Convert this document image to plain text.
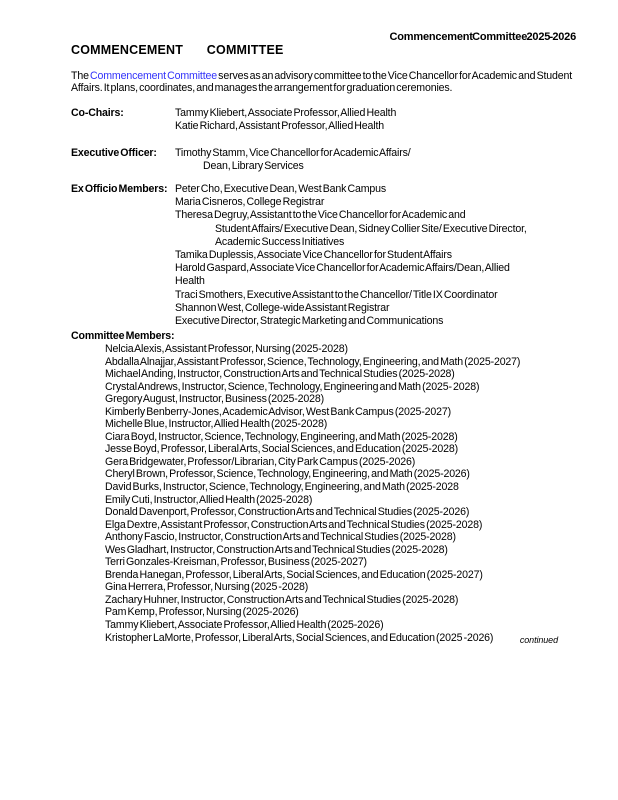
Commencement Committee 2025 - 2026
COMMENCEMENT COMMITTEE

The Commencement Committee serves as an advisory committee to the Vice Chancellor for Academic and Student Affairs. It plans, coordinates, and manages the arrangement for graduation ceremonies.

Co-Chairs:	Tammy Kliebert, Associate Professor, Allied Health
Katie Richard, Assistant Professor, Allied Health
Executive Officer:	Timothy Stamm, Vice Chancellor for Academic Affairs/
Dean, Library Services
Ex Officio Members: Peter Cho, Executive Dean, West Bank Campus
Maria Cisneros, College Registrar
Theresa Degruy, Assistant to the Vice Chancellor for Academic and
Student Affairs/ Executive Dean, Sidney Collier Site/ Executive Director,
Academic Success Initiatives
Tamika Duplessis, Associate Vice Chancellor for Student Affairs
Harold Gaspard, Associate Vice Chancellor for Academic Affairs/Dean, Allied
Health
Traci Smothers, Executive Assistant to the Chancellor/ Title IX Coordinator
Shannon West, College-wide Assistant Registrar
Executive Director, Strategic Marketing and Communications
Committee Members:
Nelcia Alexis, Assistant Professor, Nursing (2025-2028)
Abdalla Alnajjar, Assistant Professor, Science, Technology, Engineering, and Math (2025-2027)
Michael Anding, Instructor, Construction Arts and Technical Studies (2025-2028)
Crystal Andrews, Instructor, Science, Technology, Engineering and Math (2025- 2028)
Gregory August, Instructor, Business (2025-2028)
Kimberly Benberry-Jones, Academic Advisor, West Bank Campus (2025-2027)
Michelle Blue, Instructor, Allied Health (2025-2028)
Ciara Boyd, Instructor, Science, Technology, Engineering, and Math (2025-2028)
Jesse Boyd, Professor, Liberal Arts, Social Sciences, and Education (2025-2028)
Gera Bridgewater, Professor/Librarian, City Park Campus (2025-2026)
Cheryl Brown, Professor, Science, Technology, Engineering, and Math (2025-2026)
David Burks, Instructor, Science, Technology, Engineering, and Math (2025-2028
Emily Cuti, Instructor, Allied Health (2025-2028)
Donald Davenport, Professor, Construction Arts and Technical Studies (2025-2026)
Elga Dextre, Assistant Professor, Construction Arts and Technical Studies (2025-2028)
Anthony Fascio, Instructor, Construction Arts and Technical Studies (2025-2028)
Wes Gladhart, Instructor, Construction Arts and Technical Studies (2025-2028)
Terri Gonzales-Kreisman, Professor, Business (2025-2027)
Brenda Hanegan, Professor, Liberal Arts, Social Sciences, and Education (2025-2027)
Gina Herrera, Professor, Nursing (2025 -2028)
Zachary Huhner, Instructor, Construction Arts and Technical Studies (2025-2028)
Pam Kemp, Professor, Nursing (2025-2026)
Tammy Kliebert, Associate Professor, Allied Health (2025-2026)
Kristopher LaMorte, Professor, Liberal Arts, Social Sciences, and Education (2025 -2026)	continued
